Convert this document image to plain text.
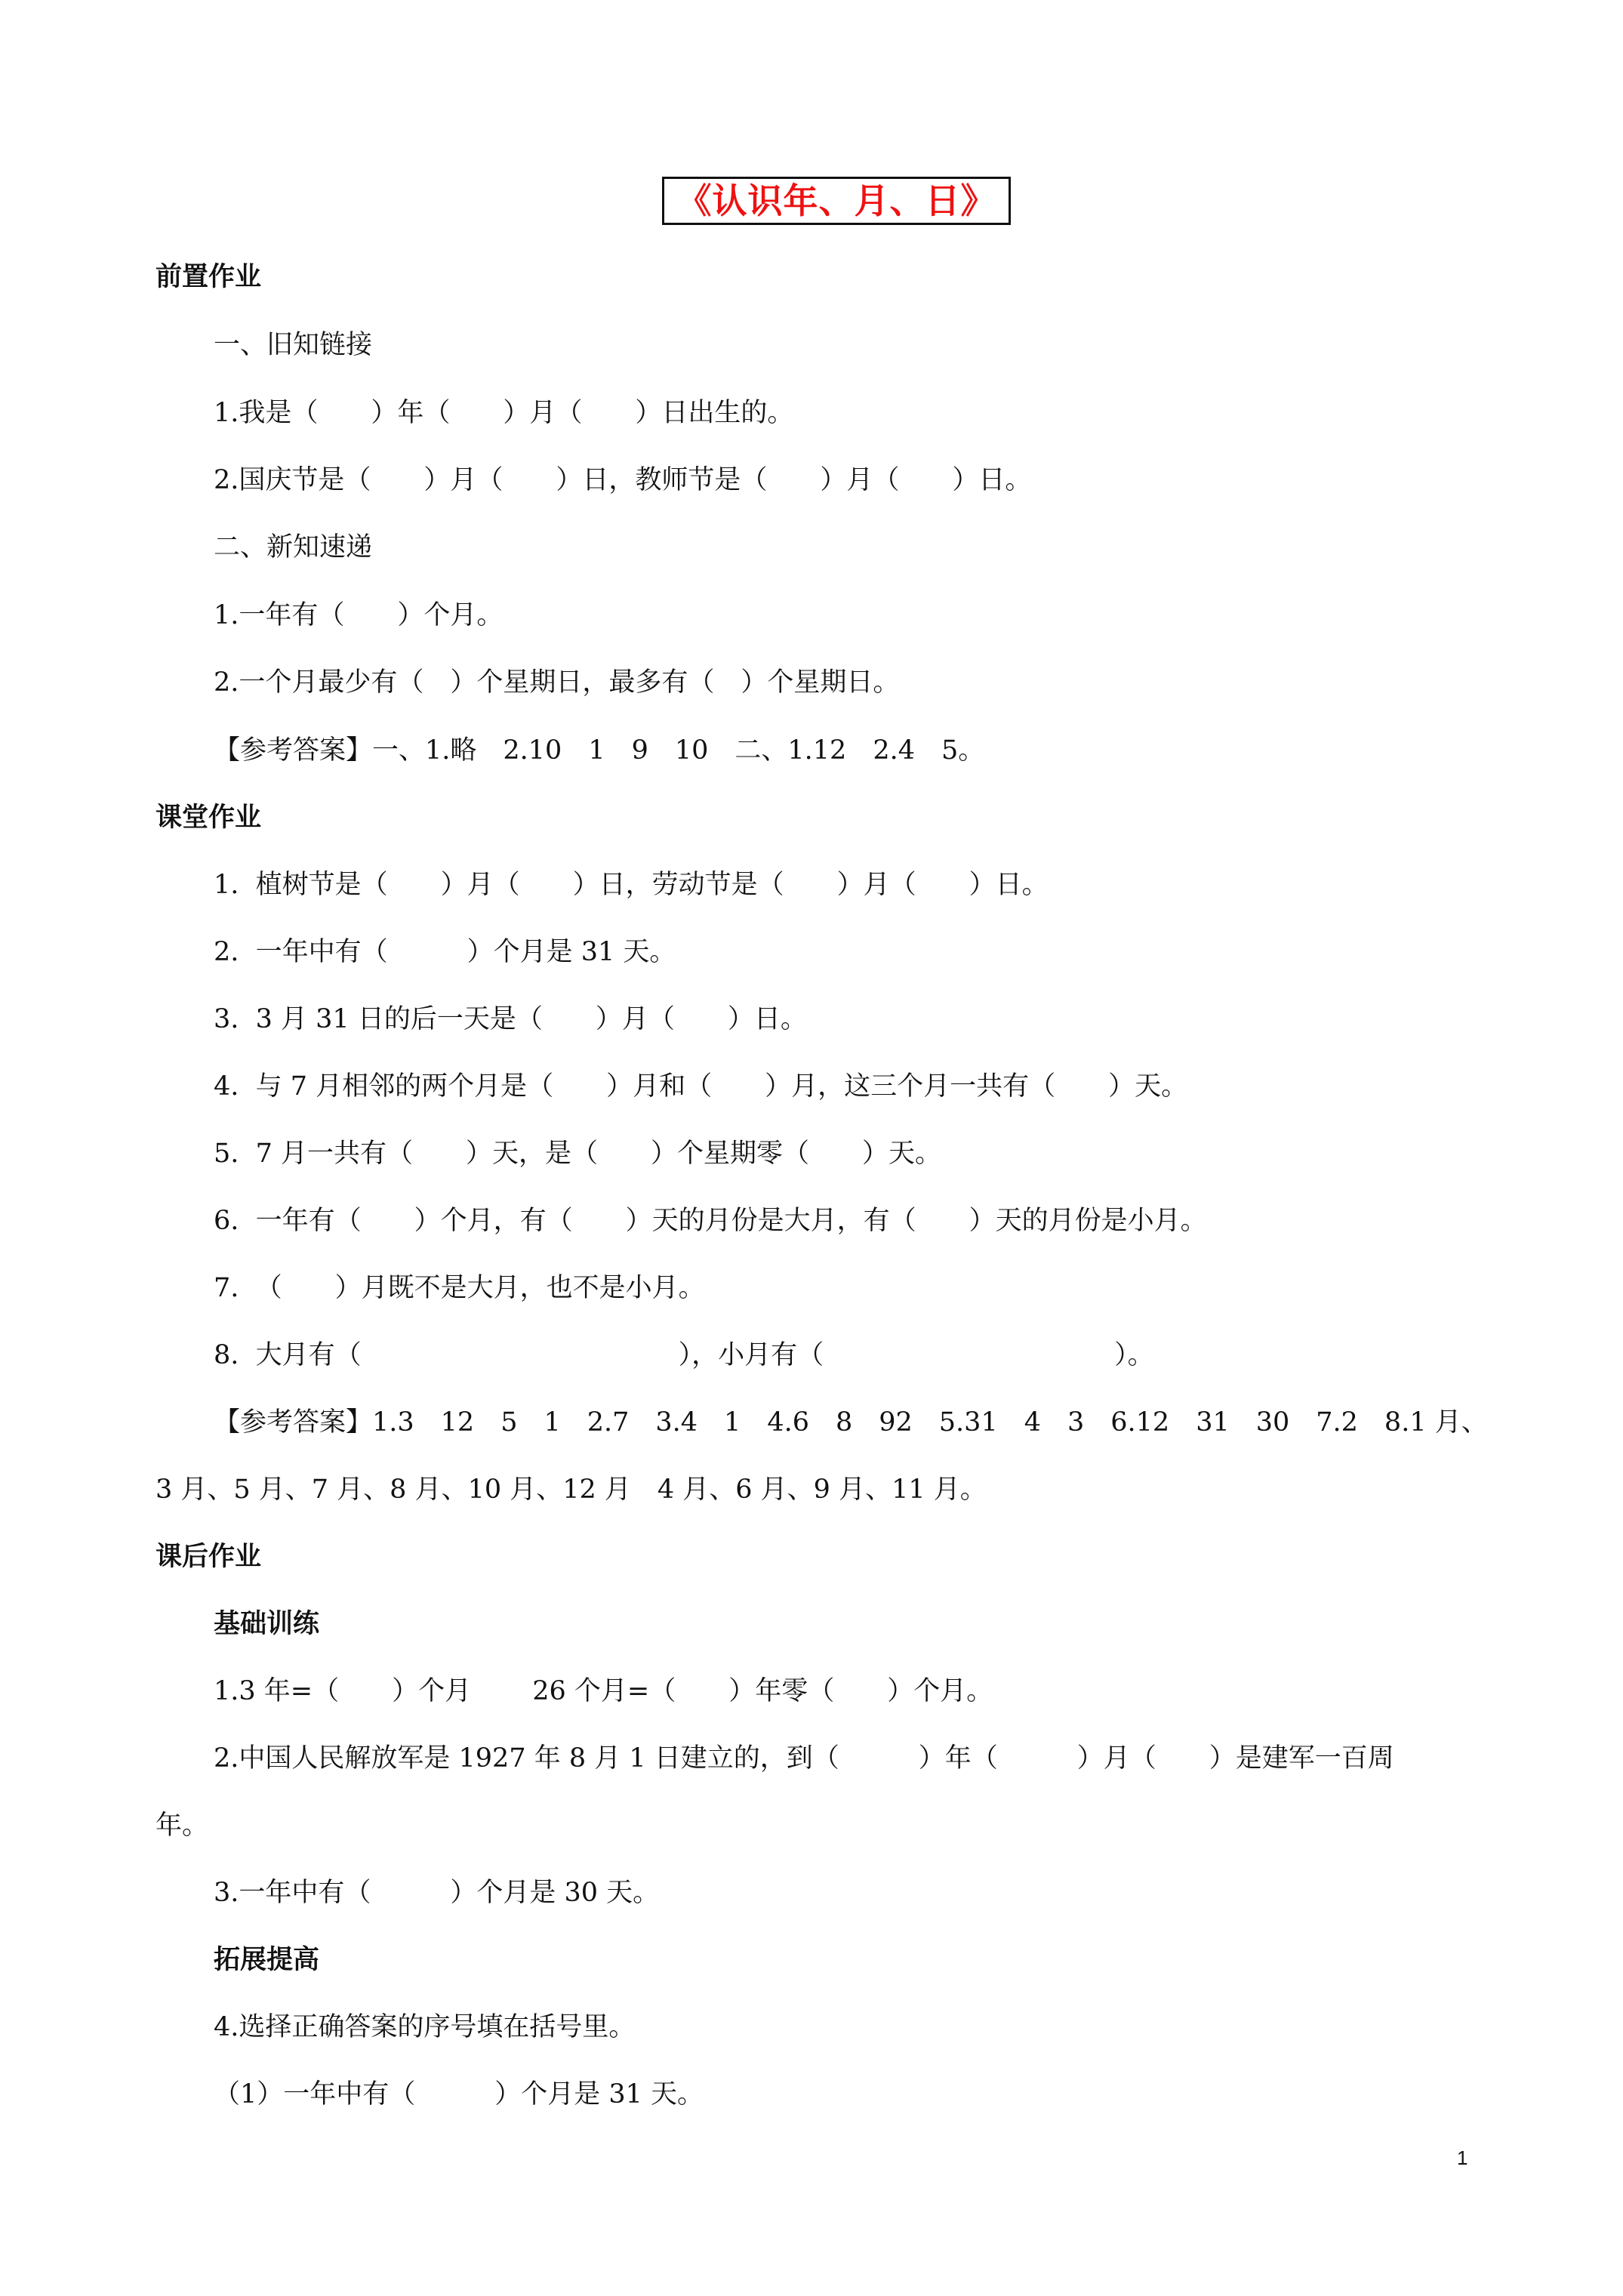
《认识年、月、日》
前置作业
一、旧知链接
1.我是（　　）年（　　）月（　　）日出生的。
2.国庆节是（　　）月（　　）日，教师节是（　　）月（　　）日。
二、新知速递
1.一年有（　　）个月。
2.一个月最少有（　）个星期日，最多有（　）个星期日。
【参考答案】一、1.略　2.10　1　9　10　二、1.12　2.4　5。
课堂作业
1.  植树节是（　　）月（　　）日，劳动节是（　　）月（　　）日。
2.  一年中有（　　　）个月是 31 天。
3.  3 月 31 日的后一天是（　　）月（　　）日。
4.  与 7 月相邻的两个月是（　　）月和（　　）月，这三个月一共有（　　）天。
5.  7 月一共有（　　）天，是（　　）个星期零（　　）天。
6.  一年有（　　）个月，有（　　）天的月份是大月，有（　　）天的月份是小月。
7.  （　　）月既不是大月，也不是小月。
8.  大月有（　　　　　　　　　　　　），小月有（　　　　　　　　　　　）。
【参考答案】1.3　12　5　1　2.7　3.4　1　4.6　8　92　5.31　4　3　6.12　31　30　7.2　8.1 月、
3 月、5 月、7 月、8 月、10 月、12 月　4 月、6 月、9 月、11 月。
课后作业
基础训练
1.3 年=（　　）个月　　 26 个月=（　　）年零（　　）个月。
2.中国人民解放军是 1927 年 8 月 1 日建立的，到（　　　）年（　　　）月（　　）是建军一百周
年。
3.一年中有（　　　）个月是 30 天。
拓展提高
4.选择正确答案的序号填在括号里。
（1）一年中有（　　　）个月是 31 天。
1
